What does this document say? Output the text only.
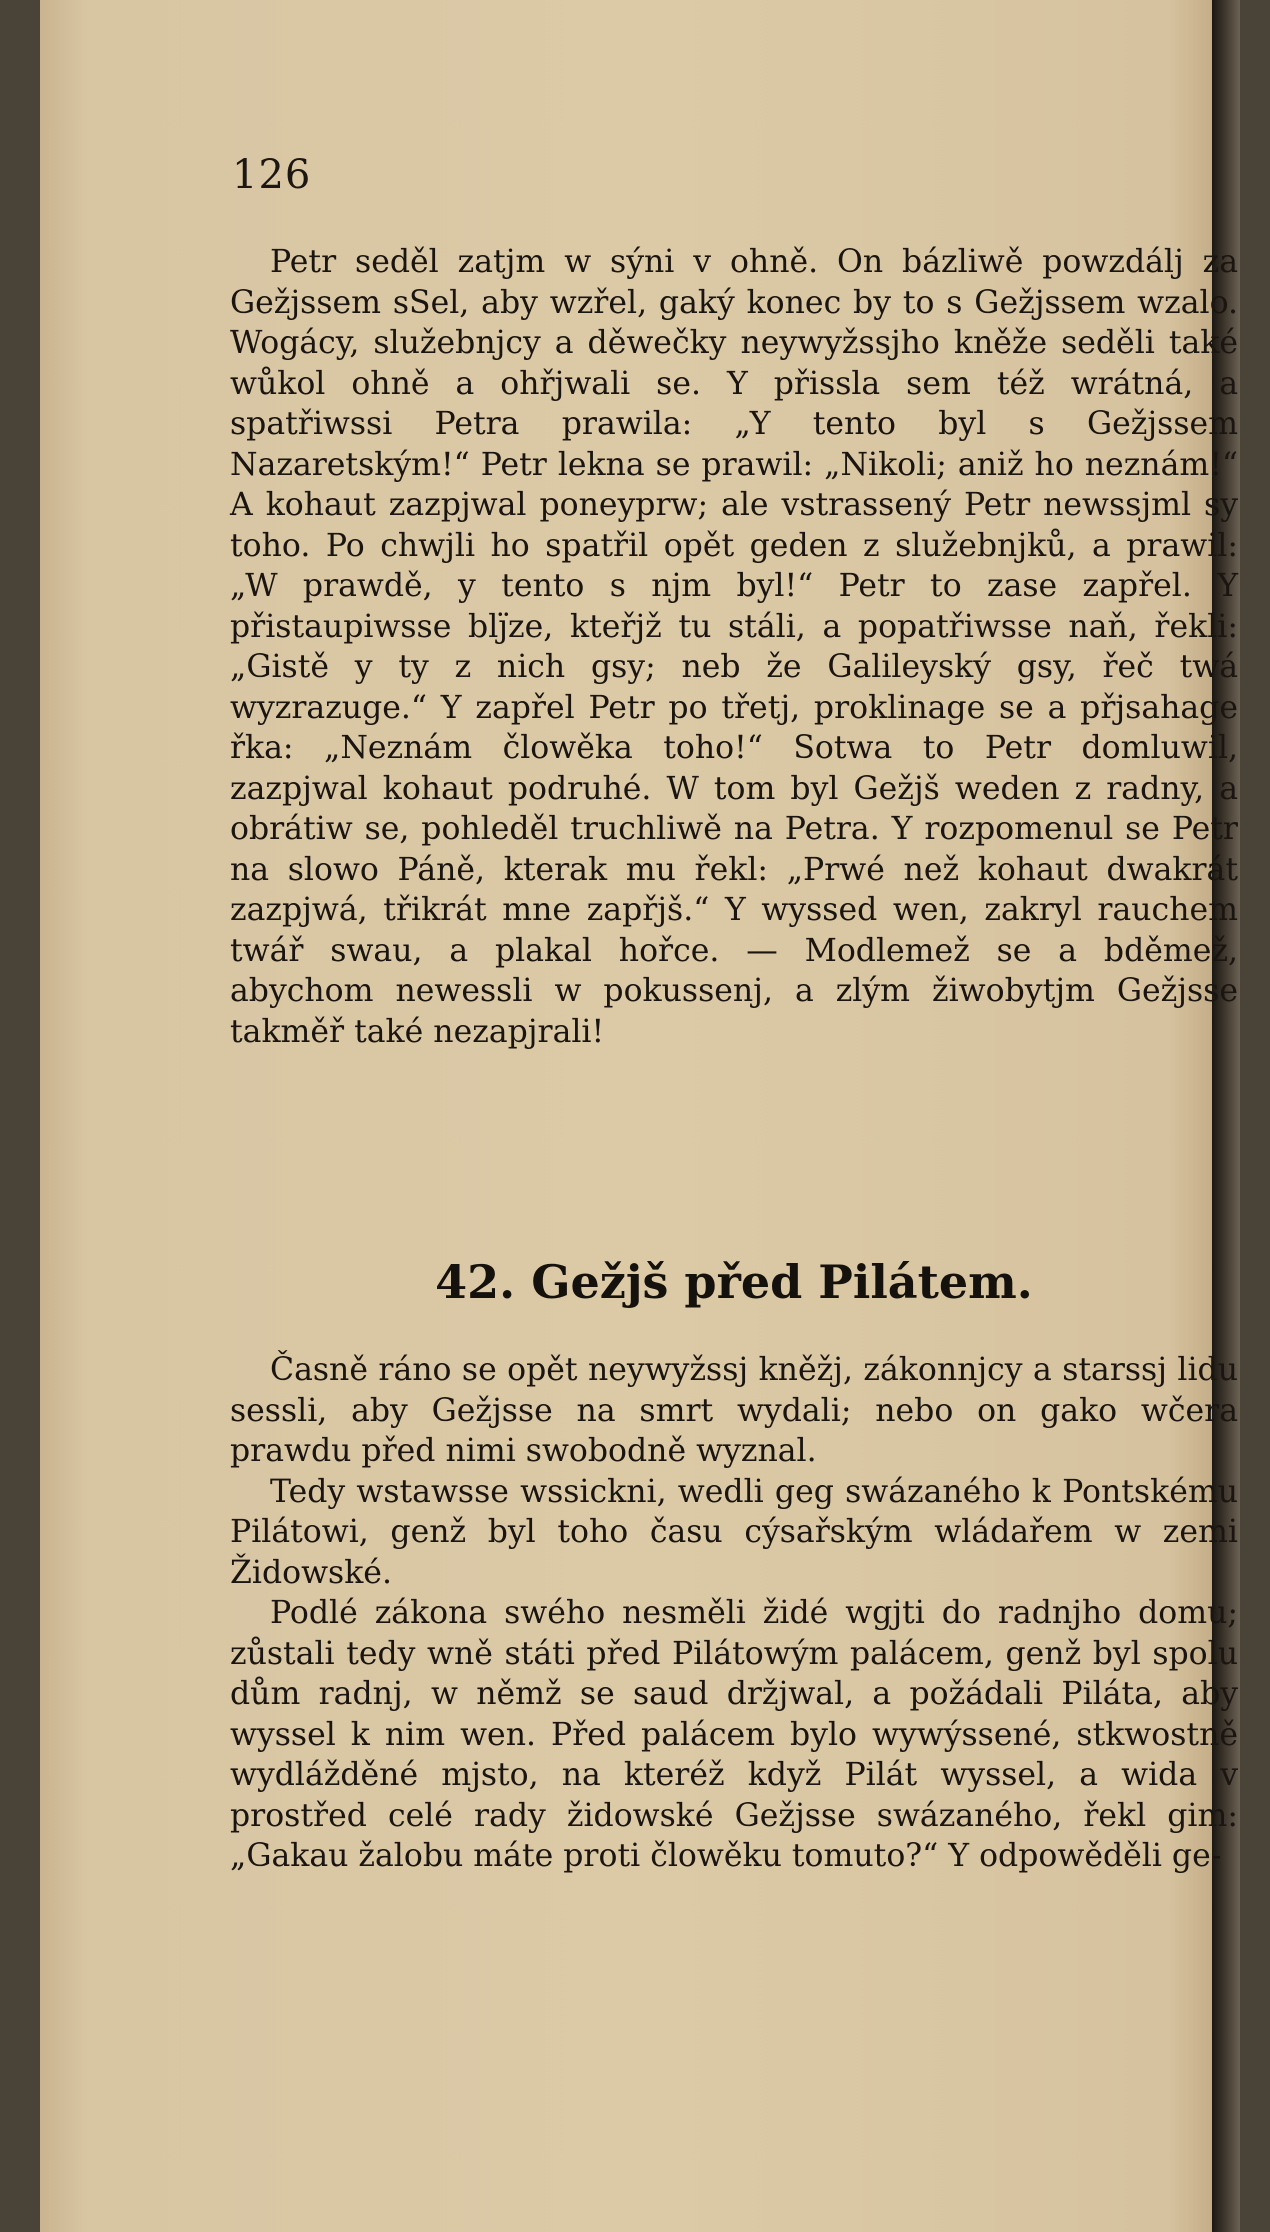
126

Petr seděl zatjm w sýni v ohně. On bázliwě powzdálj za Gežjssem sSel, aby wzřel, gaký konec by to s Gežjssem wzalo. Wogácy, služebnjcy a děwečky neywyžssjho kněže seděli také wůkol ohně a ohřjwali se. Y přissla sem též wrátná, a spatřiwssi Petra prawila: „Y tento byl s Gežjssem Nazaretským!“ Petr lekna se prawil: „Nikoli; aniž ho neznám!“ A kohaut zazpjwal poneyprw; ale vstrassený Petr newssjml sy toho. Po chwjli ho spatřil opět geden z služebnjků, a prawil: „W prawdě, y tento s njm byl!“ Petr to zase zapřel. Y přistaupiwsse blj̈ze, kteřjž tu stáli, a popatřiwsse naň, řekli: „Gistě y ty z nich gsy; neb že Galileyský gsy, řeč twá wyzrazuge.“ Y zapřel Petr po třetj, proklinage se a přjsahage řka: „Neznám člowěka toho!“ Sotwa to Petr domluwil, zazpjwal kohaut podruhé. W tom byl Gežjš weden z radny, a obrátiw se, pohleděl truchliwě na Petra. Y rozpomenul se Petr na slowo Páně, kterak mu řekl: „Prwé než kohaut dwakrát zazpjwá, třikrát mne zapřjš.“ Y wyssed wen, zakryl rauchem twář swau, a plakal hořce. — Modlemež se a bděmež, abychom newessli w pokussenj, a zlým žiwobytjm Gežjsse takměř také nezapjrali!

42. Gežjš před Pilátem.

Časně ráno se opět neywyžssj kněžj, zákonnjcy a starssj lidu sessli, aby Gežjsse na smrt wydali; nebo on gako wčera prawdu před nimi swobodně wyznal.

Tedy wstawsse wssickni, wedli geg swázaného k Pontskému Pilátowi, genž byl toho času cýsařským wládařem w zemi Židowské.

Podlé zákona swého nesměli židé wgjti do radnjho domu; zůstali tedy wně státi před Pilátowým palácem, genž byl spolu dům radnj, w němž se saud držjwal, a požádali Piláta, aby wyssel k nim wen. Před palácem bylo wywýssené, stkwostně wydlážděné mjsto, na kteréž když Pilát wyssel, a wida v prostřed celé rady židowské Gežjsse swázaného, řekl gim: „Gakau žalobu máte proti člowěku tomuto?“ Y odpowěděli ge-
